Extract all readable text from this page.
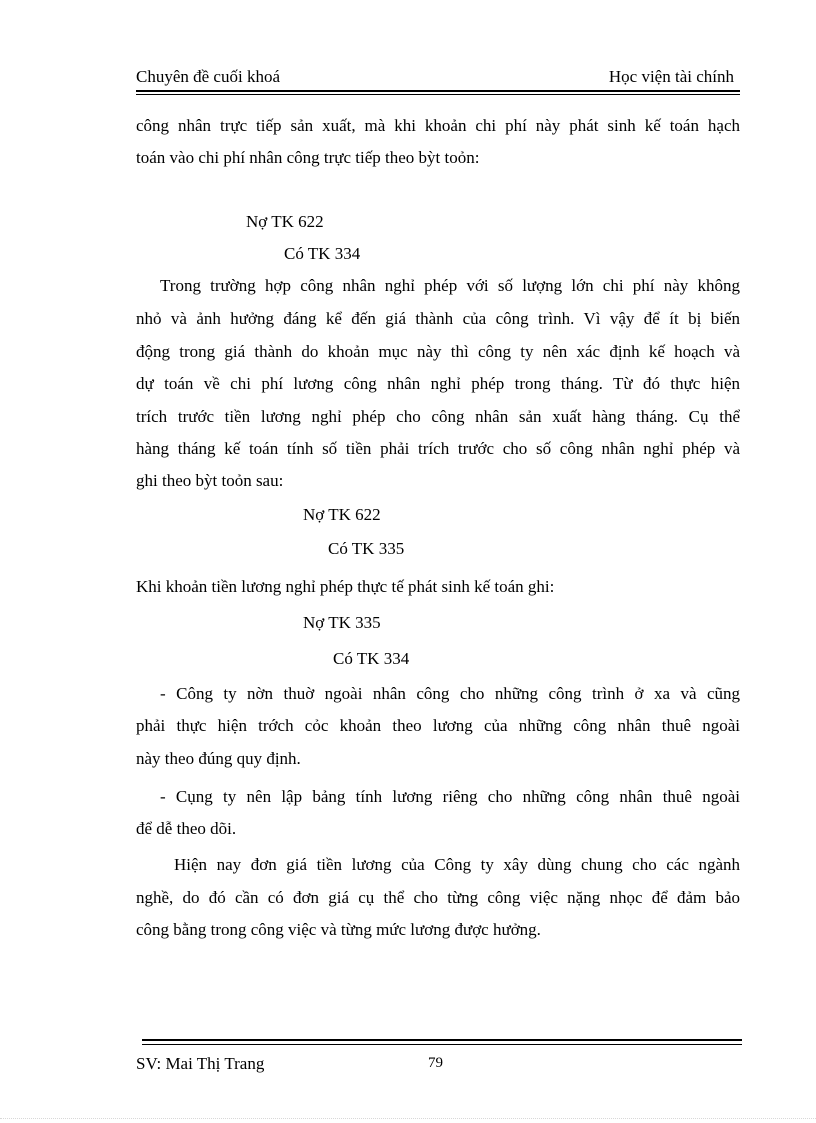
Chuyên đề cuối khoá	Học viện tài chính
công nhân trực tiếp sản xuất, mà khi khoản chi phí này phát sinh kế toán hạch
toán vào chi phí nhân công trực tiếp theo bỳt toỏn:
Nợ TK 622
Có TK 334
Trong trường hợp công nhân nghỉ phép với số lượng lớn chi phí này không
nhỏ và ảnh hưởng đáng kể đến giá thành của công trình. Vì vậy để ít bị biến
động trong giá thành do khoản mục này thì công ty nên xác định kế hoạch và
dự toán về chi phí lương công nhân nghỉ phép trong tháng. Từ đó thực hiện
trích trước tiền lương nghỉ phép cho công nhân sản xuất hàng tháng. Cụ thể
hàng tháng kế toán tính số tiền phải trích trước cho số công nhân nghỉ phép và
ghi theo bỳt toỏn sau:
Nợ TK 622
Có TK 335
Khi khoản tiền lương nghỉ phép thực tế phát sinh kế toán ghi:
Nợ TK 335
Có TK 334
- Công ty nờn thuờ ngoài nhân công cho những công trình ở xa và cũng
phải thực hiện trớch cỏc khoản theo lương của những công nhân thuê ngoài
này theo đúng quy định.
- Cụng ty nên lập bảng tính lương riêng cho những công nhân thuê ngoài
để dễ theo dõi.
Hiện nay đơn giá tiền lương của Công ty xây dùng chung cho các ngành
nghề, do đó cần có đơn giá cụ thể cho từng công việc nặng nhọc để đảm bảo
công bằng trong công việc và từng mức lương được hưởng.
SV: Mai Thị Trang	79
